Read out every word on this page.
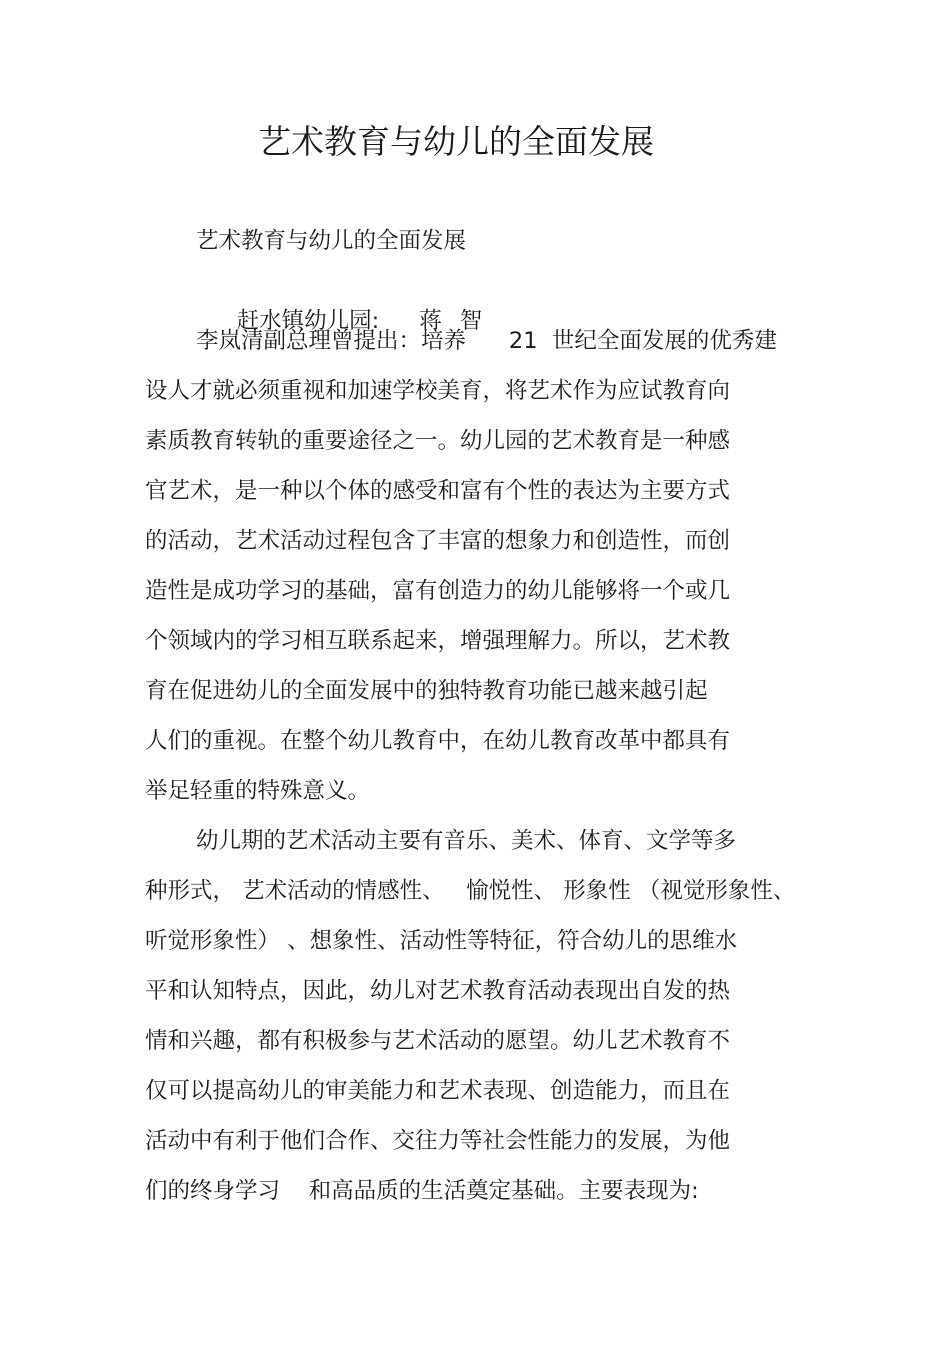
艺术教育与幼儿的全面发展
艺术教育与幼儿的全面发展

赶水镇幼儿园: 蒋 智

李岚清副总理曾提出：培养      21  世纪全面发展的优秀建
设人才就必须重视和加速学校美育，将艺术作为应试教育向
素质教育转轨的重要途径之一。幼儿园的艺术教育是一种感
官艺术，是一种以个体的感受和富有个性的表达为主要方式
的活动，艺术活动过程包含了丰富的想象力和创造性，而创
造性是成功学习的基础，富有创造力的幼儿能够将一个或几
个领域内的学习相互联系起来，增强理解力。所以，艺术教
育在促进幼儿的全面发展中的独特教育功能已越来越引起
人们的重视。在整个幼儿教育中，在幼儿教育改革中都具有
举足轻重的特殊意义。
幼儿期的艺术活动主要有音乐、美术、体育、文学等多
种形式， 艺术活动的情感性、   愉悦性、 形象性 （视觉形象性、
听觉形象性） 、想象性、活动性等特征，符合幼儿的思维水
平和认知特点，因此，幼儿对艺术教育活动表现出自发的热
情和兴趣，都有积极参与艺术活动的愿望。幼儿艺术教育不
仅可以提高幼儿的审美能力和艺术表现、创造能力，而且在
活动中有利于他们合作、交往力等社会性能力的发展，为他
们的终身学习    和高品质的生活奠定基础。主要表现为:
